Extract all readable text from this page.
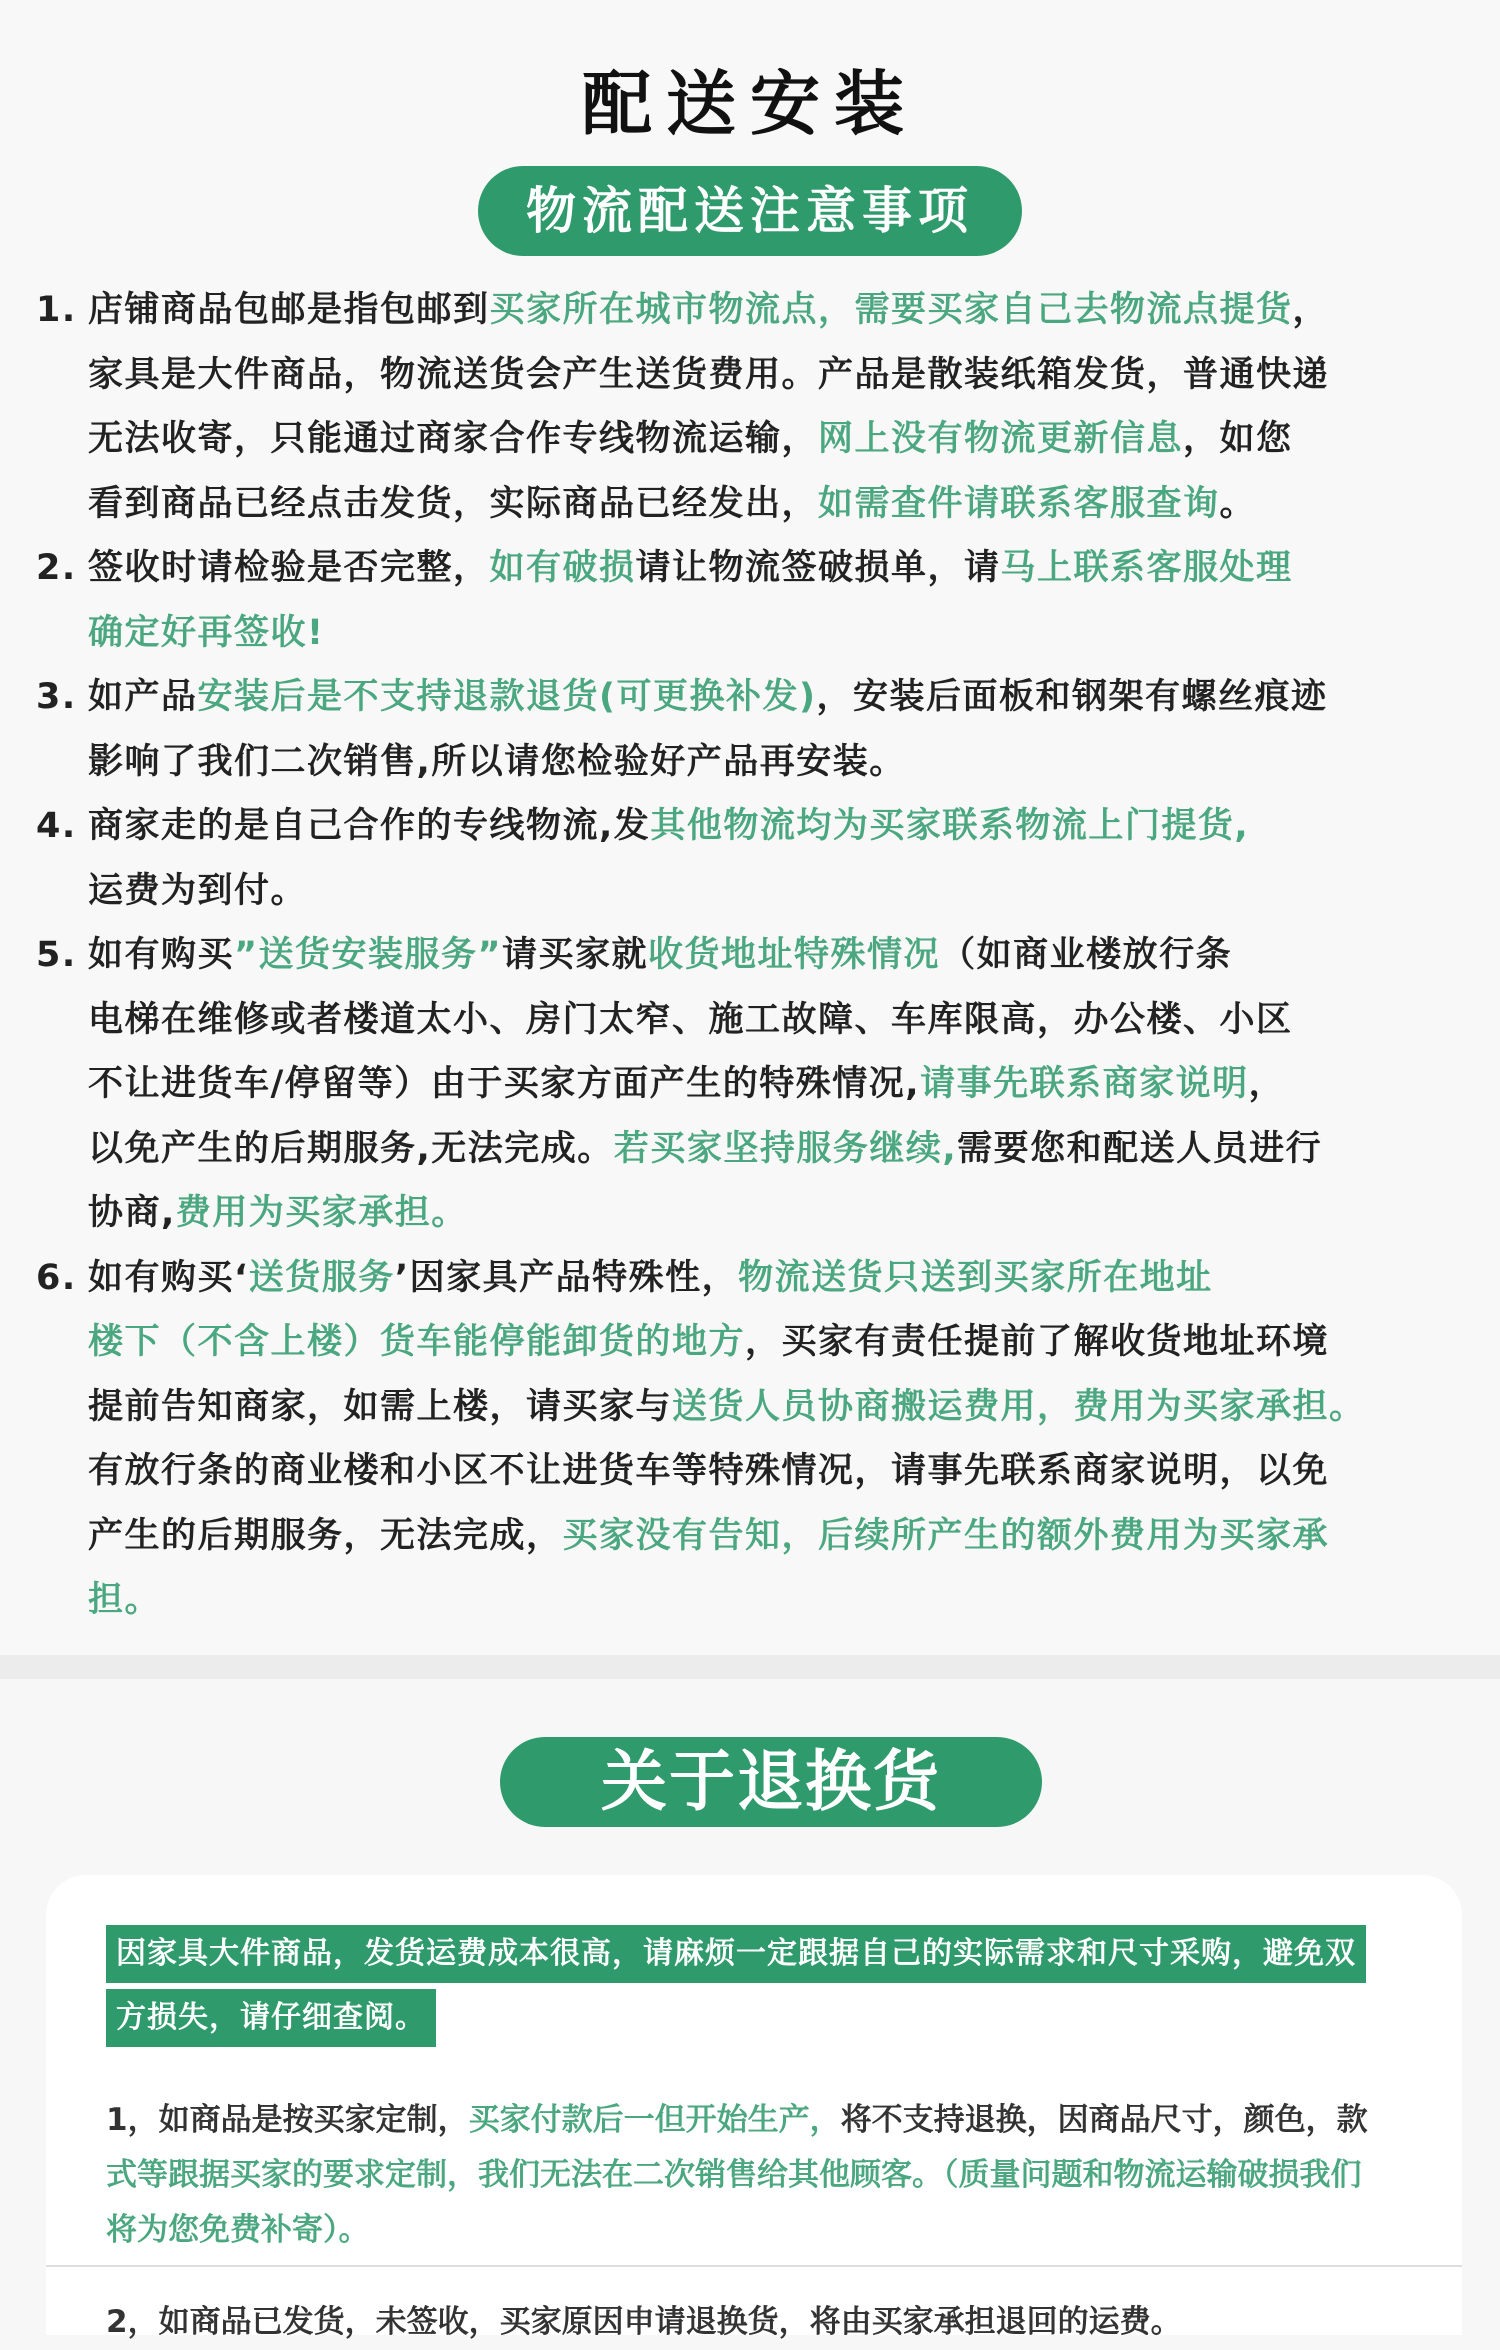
配送安装
物流配送注意事项
1. 店铺商品包邮是指包邮到买家所在城市物流点，需要买家自己去物流点提货，
家具是大件商品，物流送货会产生送货费用。产品是散装纸箱发货，普通快递
无法收寄，只能通过商家合作专线物流运输，网上没有物流更新信息，如您
看到商品已经点击发货，实际商品已经发出，如需查件请联系客服查询。
2. 签收时请检验是否完整，如有破损请让物流签破损单，请马上联系客服处理
确定好再签收!
3. 如产品安装后是不支持退款退货(可更换补发)，安装后面板和钢架有螺丝痕迹
影响了我们二次销售,所以请您检验好产品再安装。
4. 商家走的是自己合作的专线物流,发其他物流均为买家联系物流上门提货,
运费为到付。
5. 如有购买”送货安装服务”请买家就收货地址特殊情况（如商业楼放行条
电梯在维修或者楼道太小、房门太窄、施工故障、车库限高，办公楼、小区
不让进货车/停留等）由于买家方面产生的特殊情况,请事先联系商家说明，
以免产生的后期服务,无法完成。若买家坚持服务继续,需要您和配送人员进行
协商,费用为买家承担。
6. 如有购买‘送货服务’因家具产品特殊性，物流送货只送到买家所在地址
楼下（不含上楼）货车能停能卸货的地方，买家有责任提前了解收货地址环境
提前告知商家，如需上楼，请买家与送货人员协商搬运费用，费用为买家承担。
有放行条的商业楼和小区不让进货车等特殊情况，请事先联系商家说明，以免
产生的后期服务，无法完成，买家没有告知，后续所产生的额外费用为买家承
担。
关于退换货
因家具大件商品，发货运费成本很高，请麻烦一定跟据自己的实际需求和尺寸采购，避免双
方损失，请仔细查阅。
1，如商品是按买家定制，买家付款后一但开始生产，将不支持退换，因商品尺寸，颜色，款
式等跟据买家的要求定制，我们无法在二次销售给其他顾客。（质量问题和物流运输破损我们
将为您免费补寄）。
2，如商品已发货，未签收，买家原因申请退换货，将由买家承担退回的运费。
